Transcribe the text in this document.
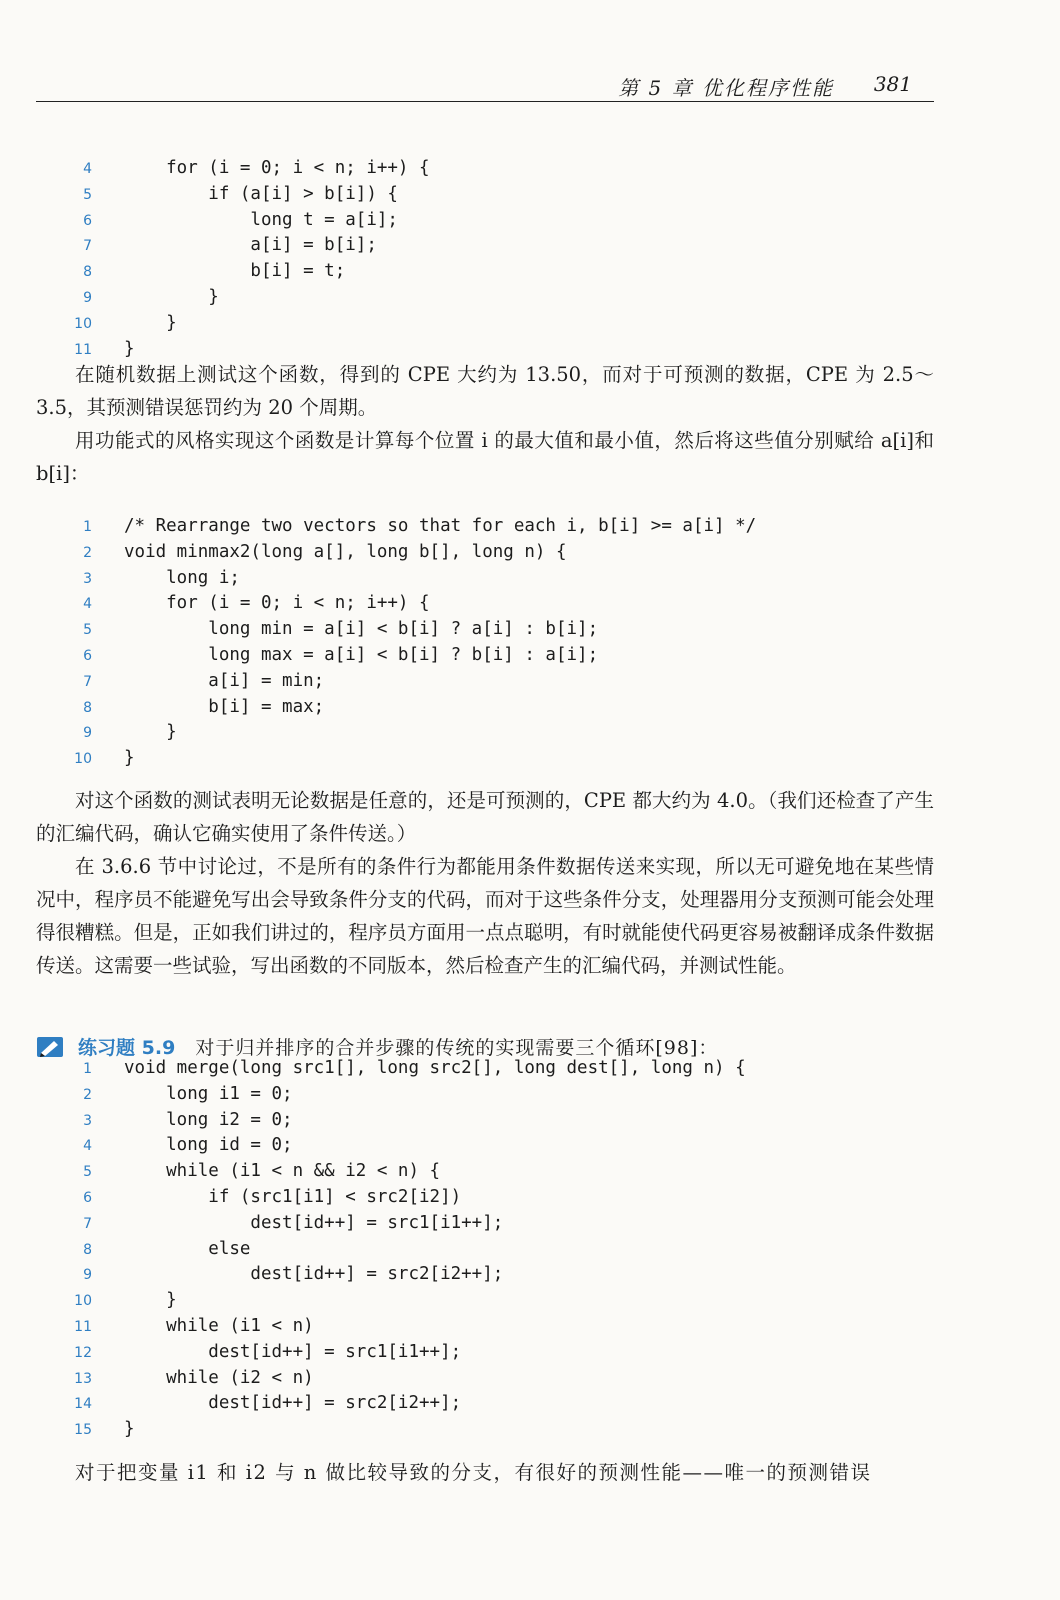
第 5 章 优化程序性能 381
4    for (i = 0; i < n; i++) {
5        if (a[i] > b[i]) {
6            long t = a[i];
7            a[i] = b[i];
8            b[i] = t;
9        }
10    }
11 }

在随机数据上测试这个函数，得到的 CPE 大约为 13.50，而对于可预测的数据，CPE 为 2.5～3.5，其预测错误惩罚约为 20 个周期。

用功能式的风格实现这个函数是计算每个位置 i 的最大值和最小值，然后将这些值分别赋给 a[i]和 b[i]：

1 /* Rearrange two vectors so that for each i, b[i] >= a[i] */
2 void minmax2(long a[], long b[], long n) {
3    long i;
4    for (i = 0; i < n; i++) {
5        long min = a[i] < b[i] ? a[i] : b[i];
6        long max = a[i] < b[i] ? b[i] : a[i];
7        a[i] = min;
8        b[i] = max;
9    }
10 }

对这个函数的测试表明无论数据是任意的，还是可预测的，CPE 都大约为 4.0。（我们还检查了产生的汇编代码，确认它确实使用了条件传送。）

在 3.6.6 节中讨论过，不是所有的条件行为都能用条件数据传送来实现，所以无可避免地在某些情况中，程序员不能避免写出会导致条件分支的代码，而对于这些条件分支，处理器用分支预测可能会处理得很糟糕。但是，正如我们讲过的，程序员方面用一点点聪明，有时就能使代码更容易被翻译成条件数据传送。这需要一些试验，写出函数的不同版本，然后检查产生的汇编代码，并测试性能。

练习题 5.9 对于归并排序的合并步骤的传统的实现需要三个循环[98]：
1 void merge(long src1[], long src2[], long dest[], long n) {
2    long i1 = 0;
3    long i2 = 0;
4    long id = 0;
5    while (i1 < n && i2 < n) {
6        if (src1[i1] < src2[i2])
7            dest[id++] = src1[i1++];
8        else
9            dest[id++] = src2[i2++];
10    }
11    while (i1 < n)
12        dest[id++] = src1[i1++];
13    while (i2 < n)
14        dest[id++] = src2[i2++];
15 }
对于把变量 i1 和 i2 与 n 做比较导致的分支，有很好的预测性能——唯一的预测错误
